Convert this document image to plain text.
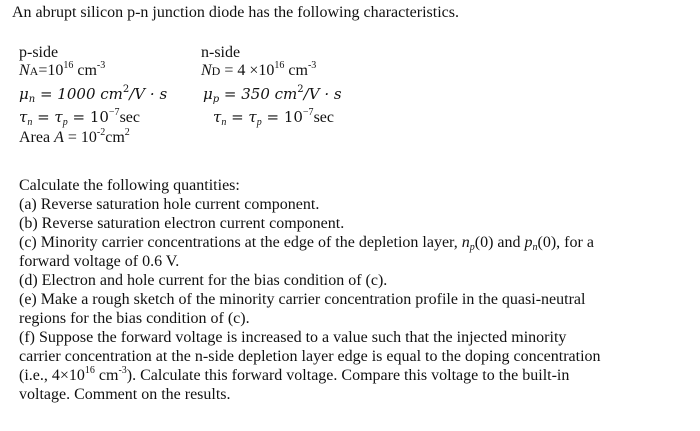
An abrupt silicon p-n junction diode has the following characteristics.
p-side
$NA=10^{16}$ $cm^{-3}$
$\mu_n = 1000$ $cm^2/V \cdot s$
$\tau_n = \tau_p = 10^{-7}\sec$
Area $A = 10^{-2}cm^2$
n-side
ND = $4 \times 10^{16}$ $cm^{-3}$
$\mu_p = 350$ $cm^2/V \cdot s$
$\tau_n = \tau_p = 10^{-7}\sec$
Calculate the following quantities:
(a) Reverse saturation hole current component.
(b) Reverse saturation electron current component.
(c) Minority carrier concentrations at the edge of the depletion layer, $n_p(0)$ and $p_n(0)$, for a
forward voltage of 0.6 V.
(d) Electron and hole current for the bias condition of (c).
(e) Make a rough sketch of the minority carrier concentration profile in the quasi-neutral
regions for the bias condition of (c).
(f) Suppose the forward voltage is increased to a value such that the injected minority
carrier concentration at the n-side depletion layer edge is equal to the doping concentration
(i.e., $4\times 10^{16}$ $cm^{-3}$). Calculate this forward voltage. Compare this voltage to the built-in
voltage. Comment on the results.
